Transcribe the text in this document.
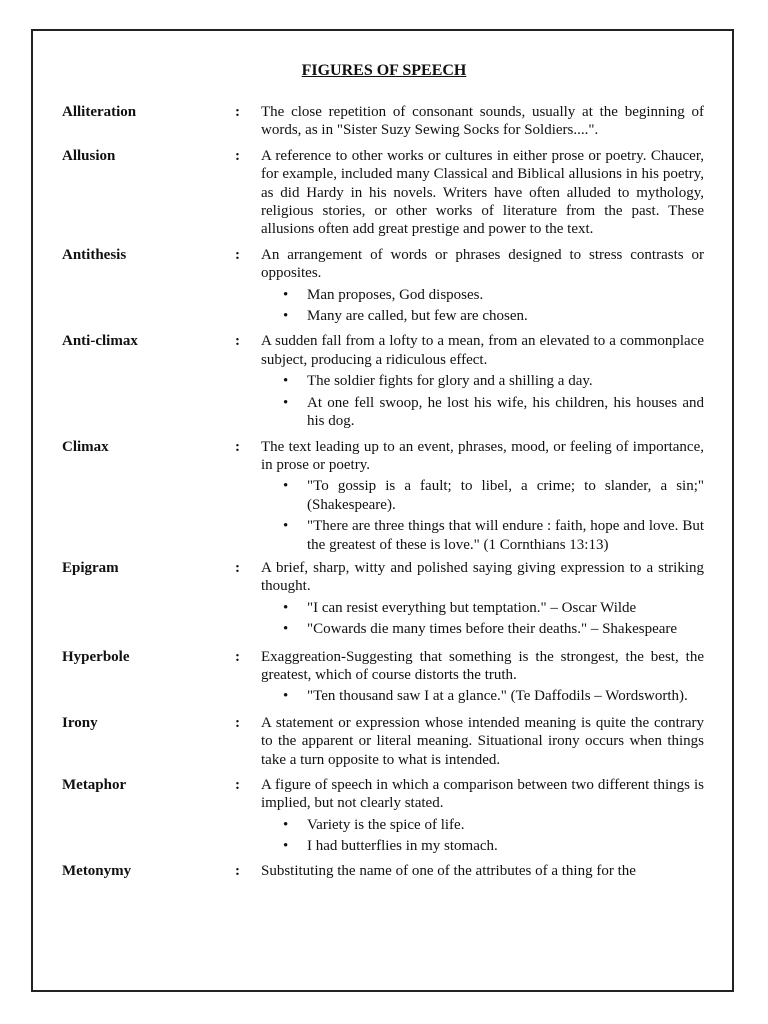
FIGURES OF SPEECH
Alliteration	:	The close repetition of consonant sounds, usually at the beginning of words, as in "Sister Suzy Sewing Socks for Soldiers....".
Allusion	:	A reference to other works or cultures in either prose or poetry. Chaucer, for example, included many Classical and Biblical allusions in his poetry, as did Hardy in his novels. Writers have often alluded to mythology, religious stories, or other works of literature from the past. These allusions often add great prestige and power to the text.
Antithesis	:	An arrangement of words or phrases designed to stress contrasts or opposites.
• Man proposes, God disposes.
• Many are called, but few are chosen.
Anti-climax	:	A sudden fall from a lofty to a mean, from an elevated to a commonplace subject, producing a ridiculous effect.
• The soldier fights for glory and a shilling a day.
• At one fell swoop, he lost his wife, his children, his houses and his dog.
Climax	:	The text leading up to an event, phrases, mood, or feeling of importance, in prose or poetry.
• "To gossip is a fault; to libel, a crime; to slander, a sin;" (Shakespeare).
• "There are three things that will endure : faith, hope and love. But the greatest of these is love." (1 Cornthians 13:13)
Epigram	:	A brief, sharp, witty and polished saying giving expression to a striking thought.
• "I can resist everything but temptation." – Oscar Wilde
• "Cowards die many times before their deaths." – Shakespeare
Hyperbole	:	Exaggreation-Suggesting that something is the strongest, the best, the greatest, which of course distorts the truth.
• "Ten thousand saw I at a glance." (Te Daffodils – Wordsworth).
Irony	:	A statement or expression whose intended meaning is quite the contrary to the apparent or literal meaning. Situational irony occurs when things take a turn opposite to what is intended.
Metaphor	:	A figure of speech in which a comparison between two different things is implied, but not clearly stated.
• Variety is the spice of life.
• I had butterflies in my stomach.
Metonymy	:	Substituting the name of one of the attributes of a thing for the
